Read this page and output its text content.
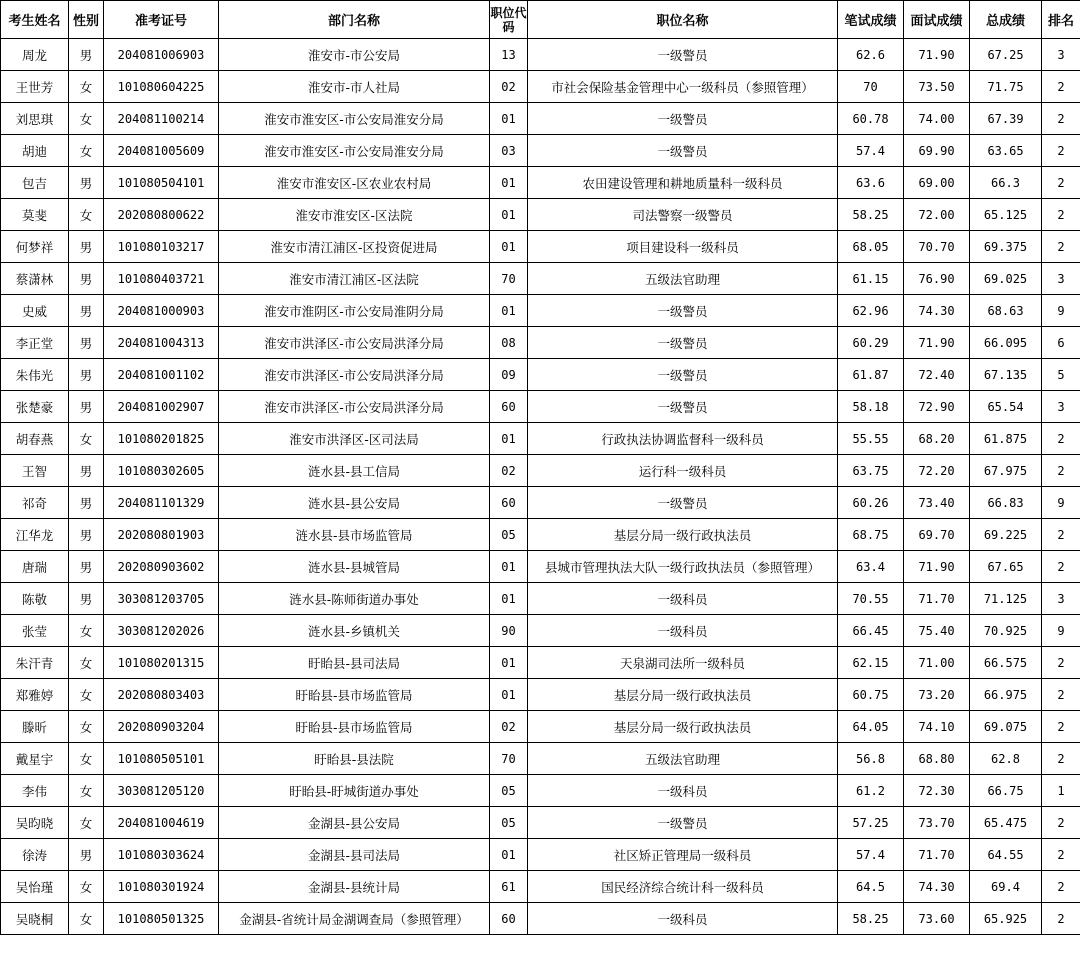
考生姓名	性别	准考证号	部门名称	职位代码	职位名称	笔试成绩	面试成绩	总成绩	排名
周龙	男	204081006903	淮安市-市公安局	13	一级警员	62.6	71.90	67.25	3
王世芳	女	101080604225	淮安市-市人社局	02	市社会保险基金管理中心一级科员（参照管理）	70	73.50	71.75	2
刘思琪	女	204081100214	淮安市淮安区-市公安局淮安分局	01	一级警员	60.78	74.00	67.39	2
胡迪	女	204081005609	淮安市淮安区-市公安局淮安分局	03	一级警员	57.4	69.90	63.65	2
包吉	男	101080504101	淮安市淮安区-区农业农村局	01	农田建设管理和耕地质量科一级科员	63.6	69.00	66.3	2
莫斐	女	202080800622	淮安市淮安区-区法院	01	司法警察一级警员	58.25	72.00	65.125	2
何梦祥	男	101080103217	淮安市清江浦区-区投资促进局	01	项目建设科一级科员	68.05	70.70	69.375	2
蔡潇林	男	101080403721	淮安市清江浦区-区法院	70	五级法官助理	61.15	76.90	69.025	3
史威	男	204081000903	淮安市淮阴区-市公安局淮阴分局	01	一级警员	62.96	74.30	68.63	9
李正堂	男	204081004313	淮安市洪泽区-市公安局洪泽分局	08	一级警员	60.29	71.90	66.095	6
朱伟光	男	204081001102	淮安市洪泽区-市公安局洪泽分局	09	一级警员	61.87	72.40	67.135	5
张楚豪	男	204081002907	淮安市洪泽区-市公安局洪泽分局	60	一级警员	58.18	72.90	65.54	3
胡春燕	女	101080201825	淮安市洪泽区-区司法局	01	行政执法协调监督科一级科员	55.55	68.20	61.875	2
王智	男	101080302605	涟水县-县工信局	02	运行科一级科员	63.75	72.20	67.975	2
祁奇	男	204081101329	涟水县-县公安局	60	一级警员	60.26	73.40	66.83	9
江华龙	男	202080801903	涟水县-县市场监管局	05	基层分局一级行政执法员	68.75	69.70	69.225	2
唐瑞	男	202080903602	涟水县-县城管局	01	县城市管理执法大队一级行政执法员（参照管理）	63.4	71.90	67.65	2
陈敬	男	303081203705	涟水县-陈师街道办事处	01	一级科员	70.55	71.70	71.125	3
张莹	女	303081202026	涟水县-乡镇机关	90	一级科员	66.45	75.40	70.925	9
朱汗青	女	101080201315	盱眙县-县司法局	01	天泉湖司法所一级科员	62.15	71.00	66.575	2
郑雅婷	女	202080803403	盱眙县-县市场监管局	01	基层分局一级行政执法员	60.75	73.20	66.975	2
滕昕	女	202080903204	盱眙县-县市场监管局	02	基层分局一级行政执法员	64.05	74.10	69.075	2
戴星宇	女	101080505101	盱眙县-县法院	70	五级法官助理	56.8	68.80	62.8	2
李伟	女	303081205120	盱眙县-盱城街道办事处	05	一级科员	61.2	72.30	66.75	1
吴昀晓	女	204081004619	金湖县-县公安局	05	一级警员	57.25	73.70	65.475	2
徐涛	男	101080303624	金湖县-县司法局	01	社区矫正管理局一级科员	57.4	71.70	64.55	2
吴怡瑾	女	101080301924	金湖县-县统计局	61	国民经济综合统计科一级科员	64.5	74.30	69.4	2
吴晓桐	女	101080501325	金湖县-省统计局金湖调查局（参照管理）	60	一级科员	58.25	73.60	65.925	2
